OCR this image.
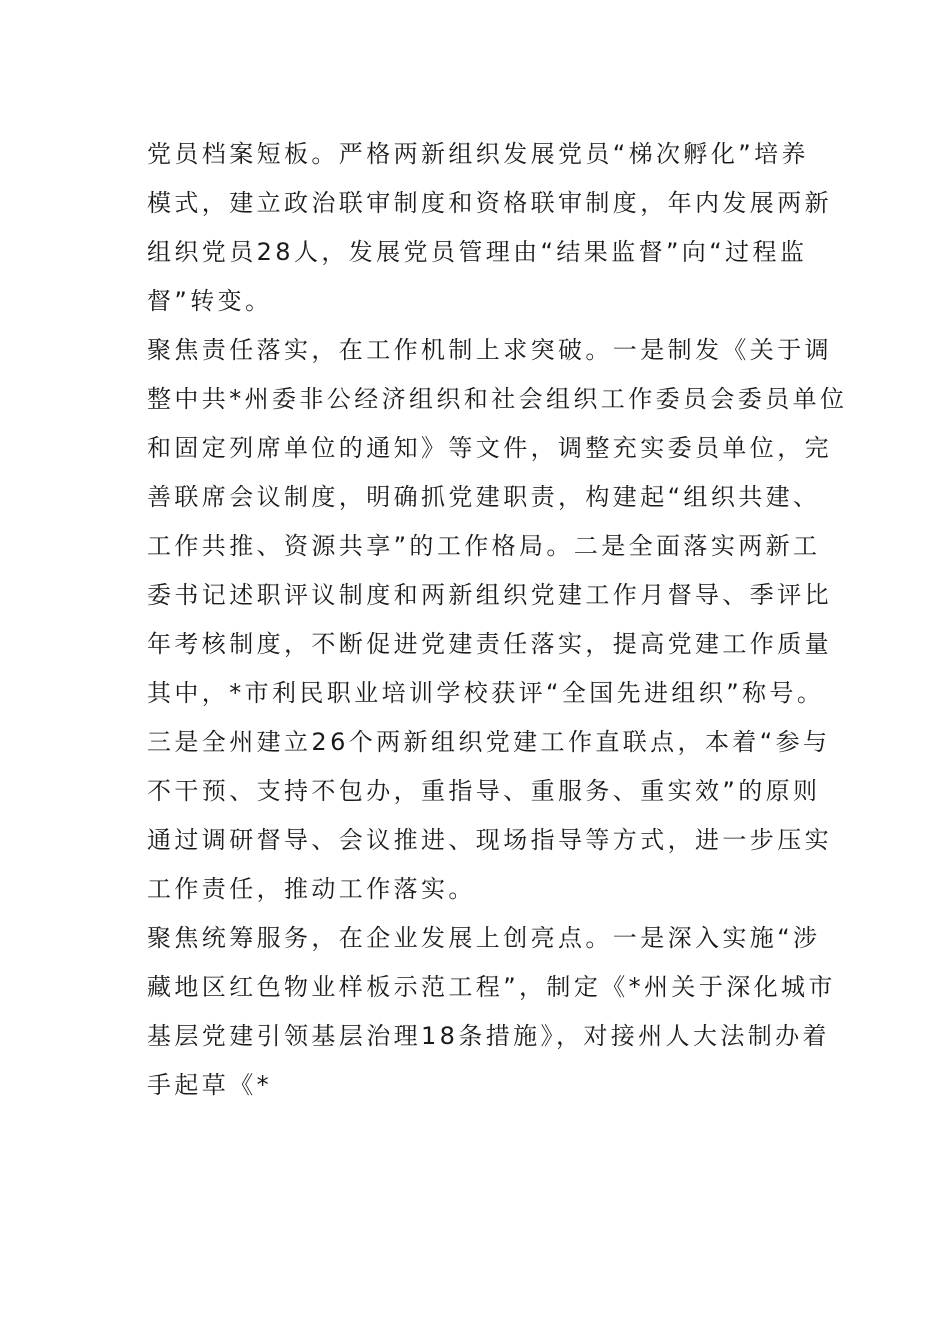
党员档案短板。严格两新组织发展党员“梯次孵化”培养
模式，建立政治联审制度和资格联审制度，年内发展两新
组织党员28人，发展党员管理由“结果监督”向“过程监
督”转变。
聚焦责任落实，在工作机制上求突破。一是制发《关于调
整中共*州委非公经济组织和社会组织工作委员会委员单位
和固定列席单位的通知》等文件，调整充实委员单位，完
善联席会议制度，明确抓党建职责，构建起“组织共建、
工作共推、资源共享”的工作格局。二是全面落实两新工
委书记述职评议制度和两新组织党建工作月督导、季评比
年考核制度，不断促进党建责任落实，提高党建工作质量
其中，*市利民职业培训学校获评“全国先进组织”称号。
三是全州建立26个两新组织党建工作直联点，本着“参与
不干预、支持不包办，重指导、重服务、重实效”的原则
通过调研督导、会议推进、现场指导等方式，进一步压实
工作责任，推动工作落实。
聚焦统筹服务，在企业发展上创亮点。一是深入实施“涉
藏地区红色物业样板示范工程”，制定《*州关于深化城市
基层党建引领基层治理18条措施》，对接州人大法制办着
手起草《*
